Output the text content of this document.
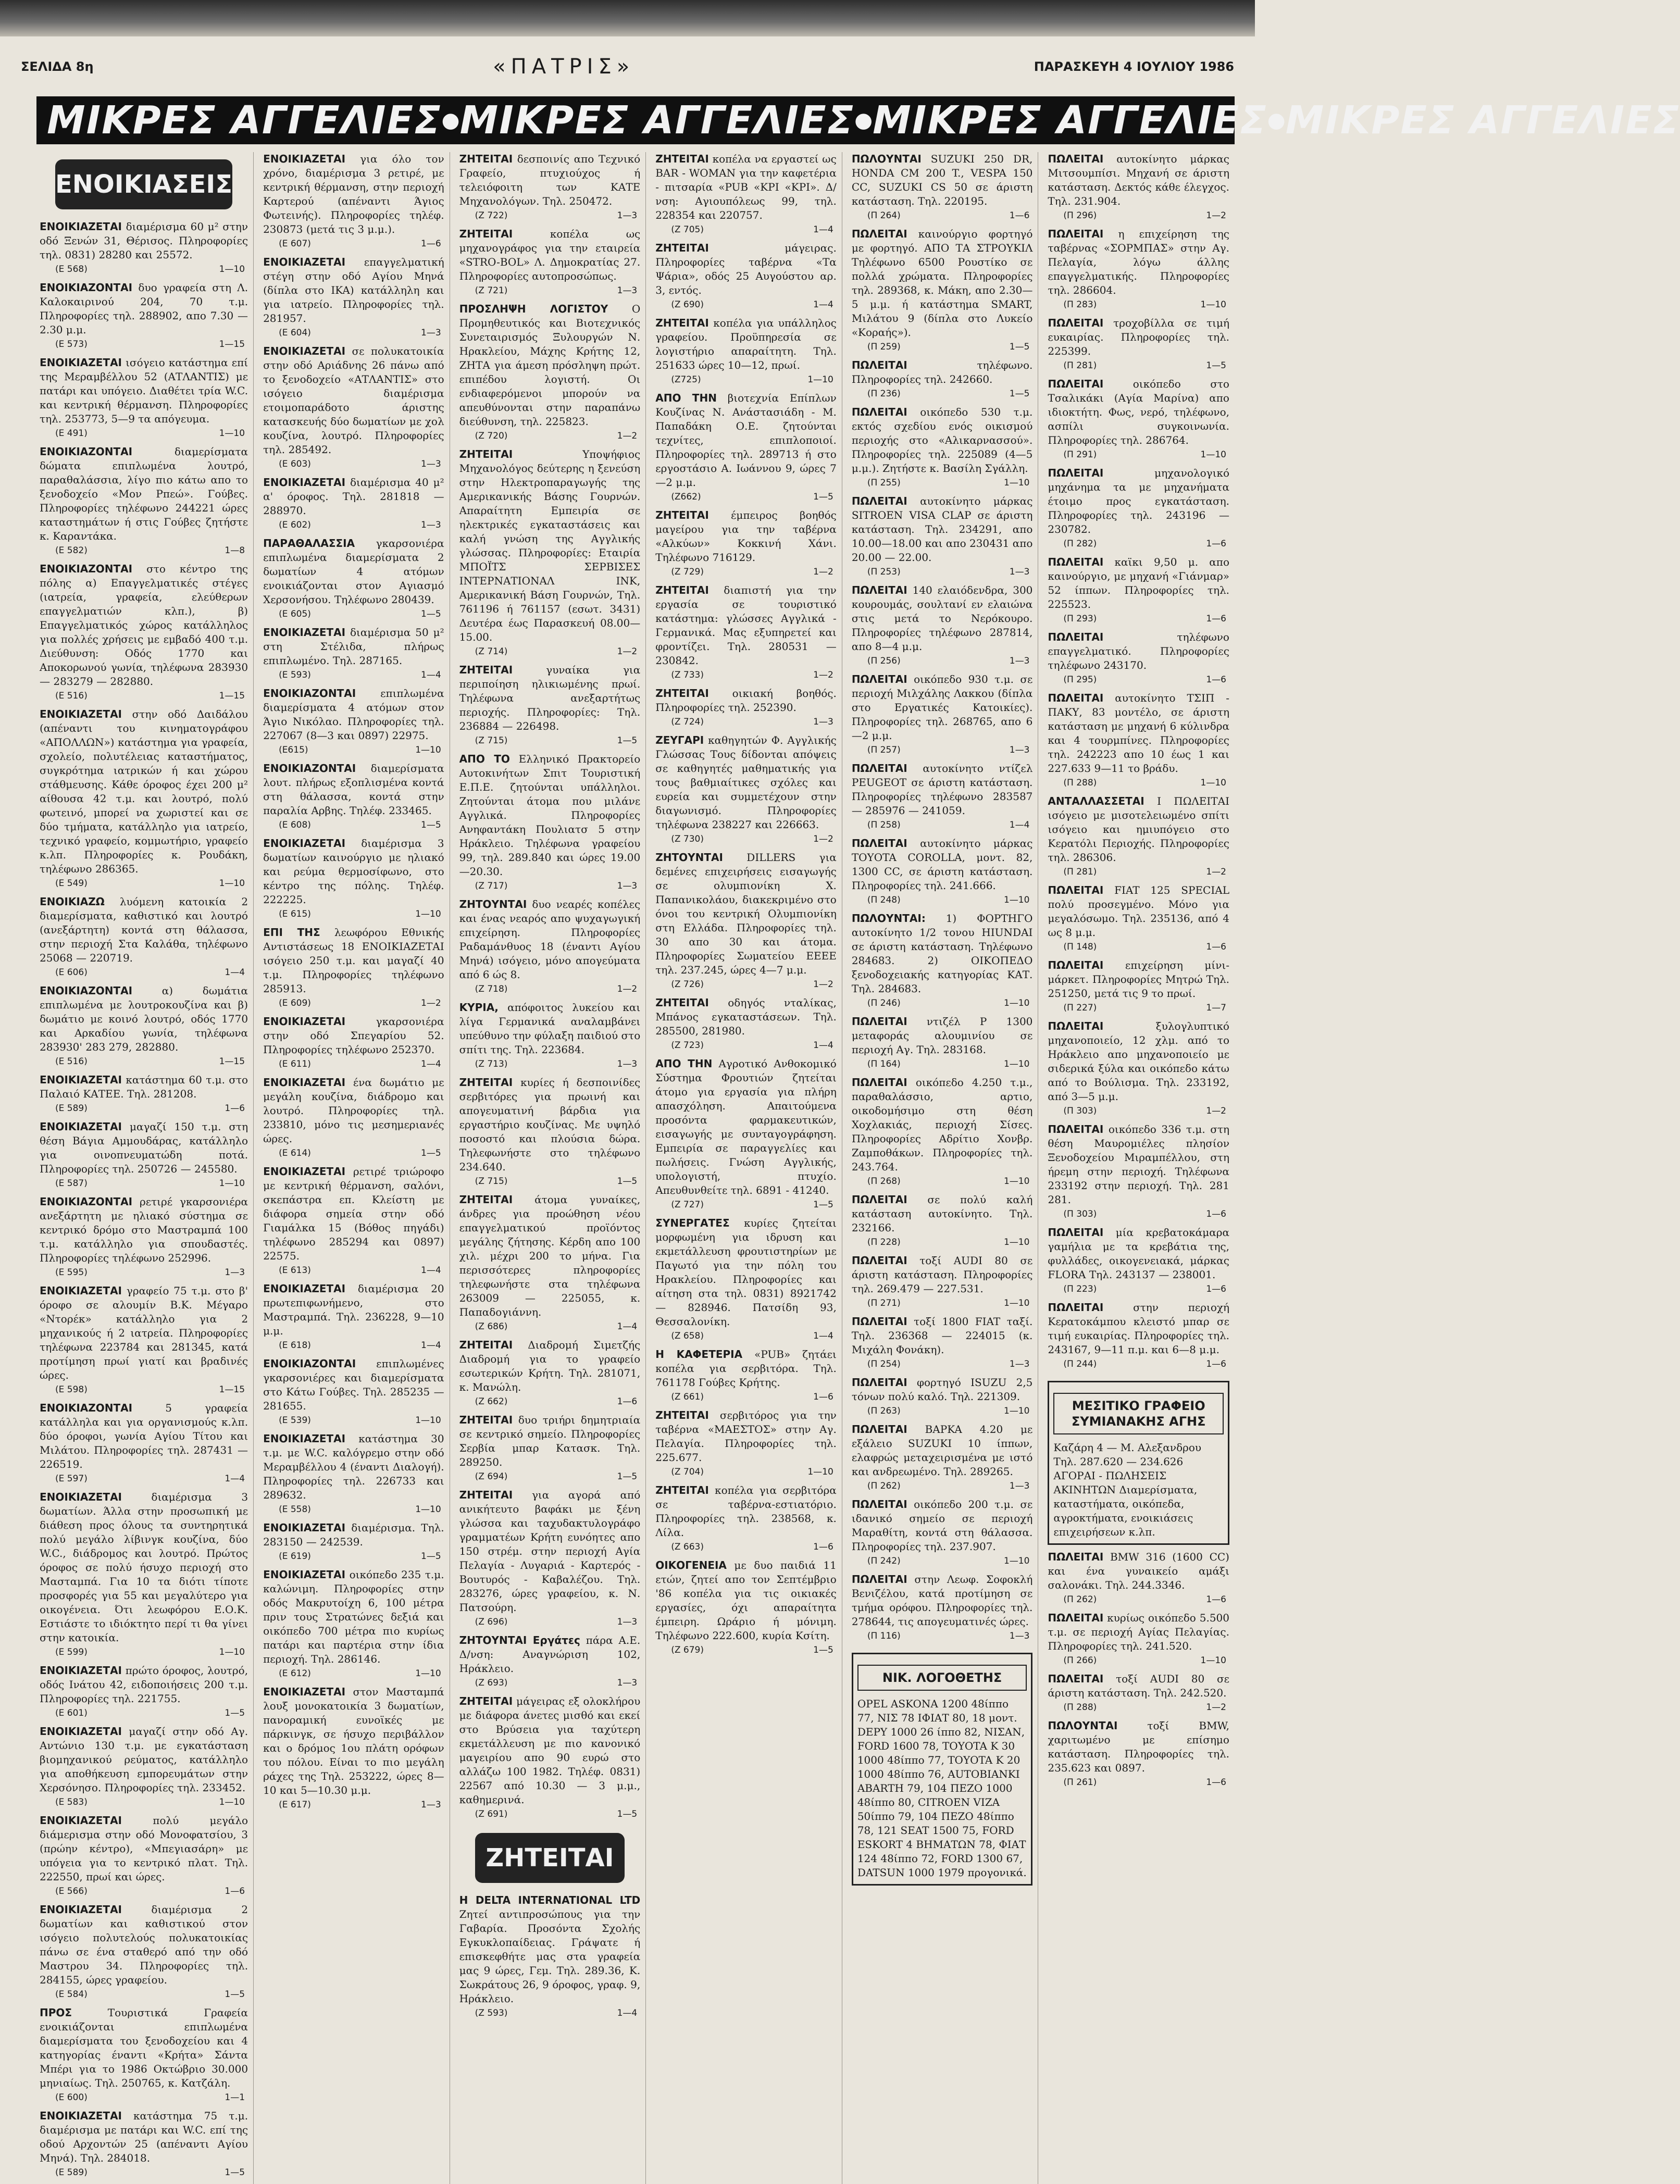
ΣΕΛΙΔΑ 8η	«ΠΑΤΡΙΣ»	ΠΑΡΑΣΚΕΥΗ 4 ΙΟΥΛΙΟΥ 1986
ΜΙΚΡΕΣ ΑΓΓΕΛΙΕΣ ● ΜΙΚΡΕΣ ΑΓΓΕΛΙΕΣ ● ΜΙΚΡΕΣ ΑΓΓΕΛΙΕΣ ● ΜΙΚΡΕΣ ΑΓΓΕΛΙΕΣ
ΕΝΟΙΚΙΑΣΕΙΣ

ΕΝΟΙΚΙΑΖΕΤΑΙ διαμέρισμα 60 μ² στην οδό Ξενών 31, Θέρισος. Πληροφορίες τηλ. 0831) 28280 και 25572.

(Ε 568)	1—10

ΕΝΟΙΚΙΑΖΟΝΤΑΙ δυο γραφεία στη Λ. Καλοκαιρινού 204, 70 τ.μ. Πληροφορίες τηλ. 288902, απο 7.30 — 2.30 μ.μ.

(Ε 573)	1—15

ΕΝΟΙΚΙΑΖΕΤΑΙ ισόγειο κατάστημα επί της Μεραμβέλλου 52 (ΑΤΛΑΝΤΙΣ) με πατάρι και υπόγειο. Διαθέτει τρία W.C. και κεντρική θέρμανση. Πληροφορίες τηλ. 253773, 5—9 τα απόγευμα.

(Ε 491)	1—10

ΕΝΟΙΚΙΑΖΟΝΤΑΙ	διαμερίσματα δώματα επιπλωμένα λουτρό, παραθαλάσσια, λίγο πιο κάτω απο το ξενοδοχείο «Μον Ρπεώ». Γούβες. Πληροφορίες τηλέφωνο 244221 ώρες καταστημάτων ή στις Γούβες ζητήστε κ. Καραντάκα.

(Ε 582)	1—8

ΕΝΟΙΚΙΑΖΟΝΤΑΙ στο κέντρο της πόλης α) Επαγγελματικές στέγες (ιατρεία, γραφεία, ελεύθερων επαγγελματιών κλπ.), β) Επαγγελματικός χώρος κατάλληλος για πολλές χρήσεις με εμβαδό 400 τ.μ. Διεύθυνση: Οδός 1770 και Αποκορωνού γωνία, τηλέφωνα 283930 — 283279 — 282880.

(Ε 516)	1—15

ΕΝΟΙΚΙΑΖΕΤΑΙ στην οδό Δαιδάλου (απέναντι του κινηματογράφου «ΑΠΟΛΛΩΝ») κατάστημα για γραφεία, σχολείο, πολυτέλειας καταστήματος, συγκρότημα ιατρικών ή και χώρου στάθμευσης. Κάθε όροφος έχει 200 μ² αίθουσα 42 τ.μ. και λουτρό, πολύ φωτεινό, μπορεί να χωριστεί και σε δύο τμήματα, κατάλληλο για ιατρείο, τεχνικό γραφείο, κομμωτήριο, γραφείο κ.λπ. Πληροφορίες κ. Ρουδάκη, τηλέφωνο 286365.

(Ε 549)	1—10

ΕΝΟΙΚΙΑΖΩ λυόμενη κατοικία 2 διαμερίσματα, καθιστικό και λουτρό (ανεξάρτητη) κοντά στη θάλασσα, στην περιοχή Στα Καλάθα, τηλέφωνο 25068 — 220719.

(Ε 606)	1—4

ΕΝΟΙΚΙΑΖΟΝΤΑΙ	α) δωμάτια επιπλωμένα με λουτροκουζίνα και β) δωμάτιο με κοινό λουτρό, οδός 1770 και Αρκαδίου γωνία, τηλέφωνα 283930' 283 279, 282880.

(Ε 516)	1—15

ΕΝΟΙΚΙΑΖΕΤΑΙ κατάστημα 60 τ.μ. στο Παλαιό ΚΑΤΕΕ. Τηλ. 281208.

(Ε 589)	1—6

ΕΝΟΙΚΙΑΖΕΤΑΙ μαγαζί 150 τ.μ. στη θέση Βάγια Αμμουδάρας, κατάλληλο για οινοπνευματώδη ποτά. Πληροφορίες τηλ. 250726 — 245580.

(Ε 587)	1—10

ΕΝΟΙΚΙΑΖΟΝΤΑΙ ρετιρέ γκαρσονιέρα ανεξάρτητη με ηλιακό σύστημα σε κεντρικό δρόμο στο Μαστραμπά 100 τ.μ. κατάλληλο για σπουδαστές. Πληροφορίες τηλέφωνο 252996.

(Ε 595)	1—3

ΕΝΟΙΚΙΑΖΕΤΑΙ γραφείο 75 τ.μ. στο β' όροφο σε αλουμίν Β.Κ. Μέγαρο «Ντορέκ» κατάλληλο για 2 μηχανικούς ή 2 ιατρεία. Πληροφορίες τηλέφωνα 223784 και 281345, κατά προτίμηση πρωί γιατί και βραδινές ώρες.

(Ε 598)	1—15

ΕΝΟΙΚΙΑΖΟΝΤΑΙ	5 γραφεία κατάλληλα και για οργανισμούς κ.λπ. δύο όροφοι, γωνία Αγίου Τίτου και Μιλάτου. Πληροφορίες τηλ. 287431 — 226519.

(Ε 597)	1—4

ΕΝΟΙΚΙΑΖΕΤΑΙ	διαμέρισμα 3 δωματίων. Άλλα στην προσωπική με διάθεση προς όλους τα συντηρητικά πολύ μεγάλο λίβινγκ κουζίνα, δύο W.C., διάδρομος και λουτρό. Πρώτος όροφος σε πολύ ήσυχο περιοχή στο Μασταμπά. Για 10 τα διότι τίποτε προσφορές για 55 και μεγαλύτερο για οικογένεια. Ότι λεωφόρου Ε.Ο.Κ. Εστιάστε το ιδιόκτητο περί τι θα γίνει στην κατοικία.

(Ε 599)	1—10

ΕΝΟΙΚΙΑΖΕΤΑΙ πρώτο όροφος, λουτρό, οδός Ινάτου 42, ειδοποιήσεις 200 τ.μ. Πληροφορίες τηλ. 221755.

(Ε 601)	1—5

ΕΝΟΙΚΙΑΖΕΤΑΙ μαγαζί στην οδό Αγ. Αντώνιο 130 τ.μ. με εγκατάσταση βιομηχανικού ρεύματος, κατάλληλο για αποθήκευση εμπορευμάτων στην Χερσόνησο. Πληροφορίες τηλ. 233452.

(Ε 583)	1—10

ΕΝΟΙΚΙΑΖΕΤΑΙ	πολύ μεγάλο διάμερισμα στην οδό Μονοφατσίου, 3 (πρώην κέντρο), «Μπεγιασάρη» με υπόγεια για το κεντρικό πλατ. Τηλ. 222550, πρωί και ώρες.

(Ε 566)	1—6

ΕΝΟΙΚΙΑΖΕΤΑΙ	διαμέρισμα 2 δωματίων και καθιστικού στον ισόγειο πολυτελούς πολυκατοικίας πάνω σε ένα σταθερό από την οδό Μαστρου 34. Πληροφορίες τηλ. 284155, ώρες γραφείου.

(Ε 584)	1—5

ΠΡΟΣ	Τουριστικά Γραφεία ενοικιάζονται επιπλωμένα διαμερίσματα του ξενοδοχείου και 4 κατηγορίας έναντι «Κρήτα» Σάντα Μπέρι για το 1986 Οκτώβριο 30.000 μηνιαίως. Τηλ. 250765, κ. Κατζάλη.

(Ε 600)	1—1

ΕΝΟΙΚΙΑΖΕΤΑΙ κατάστημα 75 τ.μ. διαμέρισμα με πατάρι και W.C. επί της οδού Αρχοντών 25 (απέναντι Αγίου Μηνά). Τηλ. 284018.

(Ε 589)	1—5

ΕΝΟΙΚΙΑΖΕΤΑΙ για όλο τον χρόνο, διαμέρισμα 3 ρετιρέ, με κεντρική θέρμανση, στην περιοχή Καρτερού (απέναντι Άγιος Φωτεινής). Πληροφορίες τηλέφ. 230873 (μετά τις 3 μ.μ.).

(Ε 607)	1—6

ΕΝΟΙΚΙΑΖΕΤΑΙ επαγγελματική στέγη στην οδό Αγίου Μηνά (δίπλα στο IKA) κατάλληλη και για ιατρείο. Πληροφορίες τηλ. 281957.

(Ε 604)	1—3

ΕΝΟΙΚΙΑΖΕΤΑΙ σε πολυκατοικία στην οδό Αριάδνης 26 πάνω από το ξενοδοχείο «ΑΤΛΑΝΤΙΣ» στο ισόγειο διαμέρισμα ετοιμοπαράδοτο άριστης κατασκευής δύο δωματίων με χολ κουζίνα, λουτρό. Πληροφορίες τηλ. 285492.

(Ε 603)	1—3

ΕΝΟΙΚΙΑΖΕΤΑΙ διαμέρισμα 40 μ² α' όροφος. Τηλ. 281818 — 288970.

(Ε 602)	1—3

ΠΑΡΑΘΑΛΑΣΣΙΑ γκαρσονιέρα επιπλωμένα διαμερίσματα 2 δωματίων 4 ατόμων ενοικιάζονται στον Αγιασμό Χερσονήσου. Τηλέφωνο 280439.

(Ε 605)	1—5

ΕΝΟΙΚΙΑΖΕΤΑΙ διαμέρισμα 50 μ² στη Στέλιδα, πλήρως επιπλωμένο. Τηλ. 287165.

(Ε 593)	1—4

ΕΝΟΙΚΙΑΖΟΝΤΑΙ επιπλωμένα διαμερίσματα 4 ατόμων στον Άγιο Νικόλαο. Πληροφορίες τηλ. 227067 (8—3 και 0897) 22975.

(Ε615)	1—10

ΕΝΟΙΚΙΑΖΟΝΤΑΙ διαμερίσματα λουτ. πλήρως εξοπλισμένα κοντά στη θάλασσα, κοντά στην παραλία Αρβης. Τηλέφ. 233465.

(Ε 608)	1—5

ΕΝΟΙΚΙΑΖΕΤΑΙ διαμέρισμα 3 δωματίων καινούργιο με ηλιακό και ρεύμα θερμοσίφωνο, στο κέντρο της πόλης. Τηλέφ. 222225.

(Ε 615)	1—10

ΕΠΙ ΤΗΣ λεωφόρου Εθνικής Αντιστάσεως 18 ΕΝΟΙΚΙΑΖΕΤΑΙ ισόγειο 250 τ.μ. και μαγαζί 40 τ.μ. Πληροφορίες τηλέφωνο 285913.

(Ε 609)	1—2

ΕΝΟΙΚΙΑΖΕΤΑΙ	γκαρσονιέρα στην οδό Σπεγαρίου 52. Πληροφορίες τηλέφωνο 252370.

(Ε 611)	1—4

ΕΝΟΙΚΙΑΖΕΤΑΙ ένα δωμάτιο με μεγάλη κουζίνα, διάδρομο και λουτρό. Πληροφορίες τηλ. 233810, μόνο τις μεσημεριανές ώρες.

(Ε 614)	1—5

ΕΝΟΙΚΙΑΖΕΤΑΙ ρετιρέ τριώροφο με κεντρική θέρμανση, σαλόνι, σκεπάστρα επ. Κλείστη με διάφορα σημεία στην οδό Γιαμάλκα 15 (Βόθος πηγάδι) τηλέφωνο 285294 και 0897) 22575.

(Ε 613)	1—4

ΕΝΟΙΚΙΑΖΕΤΑΙ διαμέρισμα 20 πρωτεπιφωνήμενο, στο Μαστραμπά. Τηλ. 236228, 9—10 μ.μ.

(Ε 618)	1—4

ΕΝΟΙΚΙΑΖΟΝΤΑΙ επιπλωμένες γκαρσονιέρες και διαμερίσματα στο Κάτω Γούβες. Τηλ. 285235 — 281655.

(Ε 539)	1—10

ΕΝΟΙΚΙΑΖΕΤΑΙ κατάστημα 30 τ.μ. με W.C. καλόγρεμο στην οδό Μεραμβέλλου 4 (έναντι Διαλογή). Πληροφορίες τηλ. 226733 και 289632.

(Ε 558)	1—10

ΕΝΟΙΚΙΑΖΕΤΑΙ διαμέρισμα. Τηλ. 283150 — 242539.

(Ε 619)	1—5

ΕΝΟΙΚΙΑΖΕΤΑΙ οικόπεδο 235 τ.μ. καλώνιμη. Πληροφορίες στην οδός Μακρυτοίχη 6, 100 μέτρα πριν τους Στρατώνες δεξιά και οικόπεδο 700 μέτρα πιο κυρίως πατάρι και παρτέρια στην ίδια περιοχή. Τηλ. 286146.

(Ε 612)	1—10

ΕΝΟΙΚΙΑΖΕΤΑΙ στον Μασταμπά λουξ μονοκατοικία 3 δωματίων, πανοραμική ευνοϊκές με πάρκινγκ, σε ήσυχο περιβάλλον και ο δρόμος 1ου πλάτη ορόφων του πόλου. Είναι το πιο μεγάλη ράχες της Τηλ. 253222, ώρες 8—10 και 5—10.30 μ.μ.

(Ε 617)	1—3

ΖΗΤΕΙΤΑΙ δεσποινίς απο Τεχνικό Γραφείο, πτυχιούχος ή τελειόφοιτη των ΚΑΤΕ Μηχανολόγων. Τηλ. 250472.

(Ζ 722)	1—3

ΖΗΤΕΙΤΑΙ	κοπέλα ως μηχανογράφος για την εταιρεία «STRO-BOL» Λ. Δημοκρατίας 27. Πληροφορίες αυτοπροσώπως.

(Ζ 721)	1—3

ΠΡΟΣΛΗΨΗ ΛΟΓΙΣΤΟΥ Ο Προμηθευτικός και Βιοτεχνικός Συνεταιρισμός Ξυλουργών Ν. Ηρακλείου, Μάχης Κρήτης 12, ΖΗΤΑ για άμεση πρόσληψη πρώτ. επιπέδου λογιστή. Οι ενδιαφερόμενοι μπορούν να απευθύνονται στην παραπάνω διεύθυνση, τηλ. 225823.

(Ζ 720)	1—2

ΖΗΤΕΙΤΑΙ	Υποψήφιος Μηχανολόγος δεύτερης η ξενεύση στην Ηλεκτροπαραγωγής της Αμερικανικής Βάσης Γουρνών. Απαραίτητη Εμπειρία σε ηλεκτρικές εγκαταστάσεις και καλή γνώση της Αγγλικής γλώσσας. Πληροφορίες: Εταιρία ΜΠΟΪΤΣ ΣΕΡΒΙΣΕΣ ΙΝΤΕΡΝΑΤΙΟΝΑΛ ΙΝΚ, Αμερικανική Βάση Γουρνών, Τηλ. 761196 ή 761157 (εσωτ. 3431) Δευτέρα έως Παρασκευή 08.00—15.00.

(Ζ 714)	1—2

ΖΗΤΕΙΤΑΙ	γυναίκα για περιποίηση ηλικιωμένης πρωί. Τηλέφωνα ανεξαρτήτως περιοχής. Πληροφορίες: Τηλ. 236884 — 226498.

(Ζ 715)	1—5

ΑΠΟ ΤΟ Ελληνικό Πρακτορείο Αυτοκινήτων Σπιτ Τουριστική Ε.Π.Ε. ζητούνται υπάλληλοι. Ζητούνται άτομα που μιλάνε Αγγλικά. Πληροφορίες Ανηφαντάκη Πουλιατσ 5 στην Ηράκλειο. Τηλέφωνα γραφείου 99, τηλ. 289.840 και ώρες 19.00—20.30.

(Ζ 717)	1—3

ΖΗΤΟΥΝΤΑΙ δυο νεαρές κοπέλες και ένας νεαρός απο ψυχαγωγική επιχείρηση. Πληροφορίες Ραδαμάνθυος 18 (έναντι Αγίου Μηνά) ισόγειο, μόνο απογεύματα από 6 ώς 8.

(Ζ 718)	1—2

ΚΥΡΙΑ, απόφοιτος λυκείου και λίγα Γερμανικά αναλαμβάνει υπεύθυνο την φύλαξη παιδιού στο σπίτι της. Τηλ. 223684.

(Ζ 713)	1—3

ΖΗΤΕΙΤΑΙ κυρίες ή δεσποινίδες σερβιτόρες για πρωινή και απογευματινή βάρδια για εργαστήριο κουζίνας. Με υψηλό ποσοστό και πλούσια δώρα. Τηλεφωνήστε στο τηλέφωνο 234.640.

(Ζ 715)	1—5

ΖΗΤΕΙΤΑΙ άτομα γυναίκες, άνδρες για προώθηση νέου επαγγελματικού προϊόντος μεγάλης ζήτησης. Κέρδη απο 100 χιλ. μέχρι 200 το μήνα. Για περισσότερες πληροφορίες τηλεφωνήστε στα τηλέφωνα 263009 — 225055, κ. Παπαδογιάννη.

(Ζ 686)	1—4

ΖΗΤΕΙΤΑΙ Διαδρομή Σιμετζής Διαδρομή για το γραφείο εσωτερικών Κρήτη. Τηλ. 281071, κ. Μανώλη.

(Ζ 662)	1—6

ΖΗΤΕΙΤΑΙ δυο τριήρι δημητριαία σε κεντρικό σημείο. Πληροφορίες Σερβία μπαρ Κατασκ. Τηλ. 289250.

(Ζ 694)	1—5

ΖΗΤΕΙΤΑΙ για αγορά από ανικήτευτο βαφάκι με ξένη γλώσσα και ταχυδακτυλογράφο γραμματέων Κρήτη ευνόητες απο 150 στρέμ. στην περιοχή Αγία Πελαγία - Λυγαριά - Καρτερός - Βουτυρός - Καβαλέζου. Τηλ. 283276, ώρες γραφείου, κ. Ν. Πατσούρη.

(Ζ 696)	1—3

ΖΗΤΟΥΝΤΑΙ Εργάτες πάρα Α.Ε. Δ/νση: Αναγνώριση 102, Ηράκλειο.

(Ζ 693)	1—3

ΖΗΤΕΙΤΑΙ μάγειρας εξ ολοκλήρου με διάφορα άνετες μισθό και εκεί στο Βρύσεια για ταχύτερη εκμετάλλευση με πιο κανονικό μαγειρίου απο 90 ευρώ στο αλλάζω 100 1982. Τηλέφ. 0831) 22567 από 10.30 — 3 μ.μ., καθημερινά.

(Ζ 691)	1—5
ΖΗΤΕΙΤΑΙ

H DELTA INTERNATIONAL LTD Ζητεί αντιπροσώπους για την Γαβαρία. Προσόντα Σχολής Εγκυκλοπαίδειας. Γράψατε ή επισκεφθήτε μας στα γραφεία μας 9 ώρες, Γεμ. Τηλ. 289.36, Κ. Σωκράτους 26, 9 όροφος, γραφ. 9, Ηράκλειο.

(Ζ 593)	1—4

ΖΗΤΕΙΤΑΙ κοπέλα να εργαστεί ως BAR - WOMAN για την καφετέρια - πιτσαρία «PUB «KPI «KPI». Δ/νση: Αγιουπόλεως 99, τηλ. 228354 και 220757.

(Ζ 705)	1—4

ΖΗΤΕΙΤΑΙ	μάγειρας. Πληροφορίες ταβέρνα «Τα Ψάρια», οδός 25 Αυγούστου αρ. 3, εντός.

(Ζ 690)	1—4

ΖΗΤΕΙΤΑΙ κοπέλα για υπάλληλος γραφείου. Προϋπηρεσία σε λογιστήριο απαραίτητη. Τηλ. 251633 ώρες 10—12, πρωί.

(Ζ725)	1—10

ΑΠΟ ΤΗΝ βιοτεχνία Επίπλων Κουζίνας Ν. Ανάστασιάδη - Μ. Παπαδάκη Ο.Ε. ζητούνται τεχνίτες, επιπλοποιοί. Πληροφορίες τηλ. 289713 ή στο εργοστάσιο Α. Ιωάννου 9, ώρες 7—2 μ.μ.

(Ζ662)	1—5

ΖΗΤΕΙΤΑΙ έμπειρος βοηθός μαγείρου για την ταβέρνα «Αλκύων» Κοκκινή Χάνι. Τηλέφωνο 716129.

(Ζ 729)	1—2

ΖΗΤΕΙΤΑΙ διαπιστή για την εργασία σε τουριστικό κατάστημα: γλώσσες Αγγλικά - Γερμανικά. Μας εξυπηρετεί και φροντίζει. Τηλ. 280531 — 230842.

(Ζ 733)	1—2

ΖΗΤΕΙΤΑΙ οικιακή βοηθός. Πληροφορίες τηλ. 252390.

(Ζ 724)	1—3

ΖΕΥΓΑΡΙ καθηγητών Φ. Αγγλικής Γλώσσας Τους δίδονται απόψεις σε καθηγητές μαθηματικής για τους βαθμιαίτικες σχόλες και ευρεία και συμμετέχουν στην διαγωνισμό. Πληροφορίες τηλέφωνα 238227 και 226663.

(Ζ 730)	1—2

ΖΗΤΟΥΝΤΑΙ DILLERS για δεμένες επιχειρήσεις εισαγωγής σε ολυμπιονίκη Χ. Παπανικολάου, διακεκριμένο στο όνοι του κεντρική Ολυμπιονίκη στη Ελλάδα. Πληροφορίες τηλ. 30 απο 30 και άτομα. Πληροφορίες Σωματείου ΕΕΕΕ τηλ. 237.245, ώρες 4—7 μ.μ.

(Ζ 726)	1—2

ΖΗΤΕΙΤΑΙ οδηγός νταλίκας, Μπάνος εγκαταστάσεων. Τηλ. 285500, 281980.

(Ζ 723)	1—4

ΑΠΟ ΤΗΝ Αγροτικό Ανθοκομικό Σύστημα Φρουτιών ζητείται άτομο για εργασία για πλήρη απασχόληση. Απαιτούμενα προσόντα φαρμακευτικών, εισαγωγής με συνταγογράφηση. Εμπειρία σε παραγγελίες και πωλήσεις. Γνώση Αγγλικής, υπολογιστή, πτυχίο. Απευθυνθείτε τηλ. 6891 - 41240.

(Ζ 727)	1—5

ΣΥΝΕΡΓΑΤΕΣ κυρίες ζητείται μορφωμένη για ιδρυση και εκμετάλλευση φρουτιστηρίων με Παγωτό για την πόλη του Ηρακλείου. Πληροφορίες και αίτηση στα τηλ. 0831) 8921742 — 828946. Πατσίδη 93, Θεσσαλονίκη.

(Ζ 658)	1—4

Η ΚΑΦΕΤΕΡΙΑ «PUB» ζητάει κοπέλα για σερβιτόρα. Τηλ. 761178 Γούβες Κρήτης.

(Ζ 661)	1—6

ΖΗΤΕΙΤΑΙ σερβιτόρος για την ταβέρνα «ΜΑΕΣΤΟΣ» στην Αγ. Πελαγία. Πληροφορίες τηλ. 225.677.

(Ζ 704)	1—10

ΖΗΤΕΙΤΑΙ κοπέλα για σερβιτόρα σε ταβέρνα-εστιατόριο. Πληροφορίες τηλ. 238568, κ. Λίλα.

(Ζ 663)	1—6

ΟΙΚΟΓΕΝΕΙΑ με δυο παιδιά 11 ετών, ζητεί απο τον Σεπτέμβριο '86 κοπέλα για τις οικιακές εργασίες, όχι απαραίτητα έμπειρη. Ωράριο ή μόνιμη. Τηλέφωνο 222.600, κυρία Κσίτη.

(Ζ 679)	1—5

ΠΩΛΟΥΝΤΑΙ SUZUKI 250 DR, HONDA CM 200 T., VESPA 150 CC, SUZUKI CS 50 σε άριστη κατάσταση. Τηλ. 220195.

(Π 264)	1—6

ΠΩΛΕΙΤΑΙ καινούργιο φορτηγό με φορτηγό. ΑΠΟ ΤΑ ΣΤΡΟΥΚΙΛ Τηλέφωνο 6500 Ρουστίκο σε πολλά χρώματα. Πληροφορίες τηλ. 289368, κ. Μάκη, απο 2.30—5 μ.μ. ή κατάστημα SMART, Μιλάτου 9 (δίπλα στο Λυκείο «Κοραής»).

(Π 259)	1—5

ΠΩΛΕΙΤΑΙ	τηλέφωνο. Πληροφορίες τηλ. 242660.

(Π 236)	1—5

ΠΩΛΕΙΤΑΙ οικόπεδο 530 τ.μ. εκτός σχεδίου ενός οικισμού περιοχής στο «Αλικαρνασσού». Πληροφορίες τηλ. 225089 (4—5 μ.μ.). Ζητήστε κ. Βασίλη Σγάλλη.

(Π 255)	1—10

ΠΩΛΕΙΤΑΙ αυτοκίνητο μάρκας SITROEN VISA CLAP σε άριστη κατάσταση. Τηλ. 234291, απο 10.00—18.00 και απο 230431 απο 20.00 — 22.00.

(Π 253)	1—3

ΠΩΛΕΙΤΑΙ 140 ελαιόδενδρα, 300 κουρουμάς, σουλτανί εν ελαιώνα στις μετά το Νερόκουρο. Πληροφορίες τηλέφωνο 287814, απο 8—4 μ.μ.

(Π 256)	1—3

ΠΩΛΕΙΤΑΙ οικόπεδο 930 τ.μ. σε περιοχή Μιλχάλης Λακκου (δίπλα στο Εργατικές Κατοικίες). Πληροφορίες τηλ. 268765, απο 6—2 μ.μ.

(Π 257)	1—3

ΠΩΛΕΙΤΑΙ αυτοκίνητο ντίζελ PEUGEOT σε άριστη κατάσταση. Πληροφορίες τηλέφωνο 283587 — 285976 — 241059.

(Π 258)	1—4

ΠΩΛΕΙΤΑΙ αυτοκίνητο μάρκας TOYOTA COROLLA, μοντ. 82, 1300 CC, σε άριστη κατάσταση. Πληροφορίες τηλ. 241.666.

(Π 248)	1—10

ΠΩΛΟΥΝΤΑΙ: 1) ΦΟΡΤΗΓΟ αυτοκίνητο 1/2 τονου HIUNDAI σε άριστη κατάσταση. Τηλέφωνο 284683. 2) ΟΙΚΟΠΕΔΟ ξενοδοχειακής κατηγορίας ΚΑΤ. Τηλ. 284683.

(Π 246)	1—10

ΠΩΛΕΙΤΑΙ ντιζέλ Ρ 1300 μεταφοράς αλουμινίου σε περιοχή Αγ. Τηλ. 283168.

(Π 164)	1—10

ΠΩΛΕΙΤΑΙ οικόπεδο 4.250 τ.μ., παραθαλάσσιο, αρτιο, οικοδομήσιμο στη θέση Χοχλακιάς, περιοχή Σίσες. Πληροφορίες Αδρίτιο Χονβρ. Ζαμποθάκων. Πληροφορίες τηλ. 243.764.

(Π 268)	1—10

ΠΩΛΕΙΤΑΙ σε πολύ καλή κατάσταση αυτοκίνητο. Τηλ. 232166.

(Π 228)	1—10

ΠΩΛΕΙΤΑΙ τοξί AUDI 80 σε άριστη κατάσταση. Πληροφορίες τηλ. 269.479 — 227.531.

(Π 271)	1—10

ΠΩΛΕΙΤΑΙ τοξί 1800 FIAT ταξί. Τηλ. 236368 — 224015 (κ. Μιχάλη Φονάκη).

(Π 254)	1—3

ΠΩΛΕΙΤΑΙ φορτηγό ISUZU 2,5 τόνων πολύ καλό. Τηλ. 221309.

(Π 263)	1—10

ΠΩΛΕΙΤΑΙ BAPKA 4.20 με εξάλειο SUZUKI 10 ίππων, ελαφρώς μεταχειρισμένα με ιστό και ανδρεωμένο. Τηλ. 289265.

(Π 262)	1—3

ΠΩΛΕΙΤΑΙ οικόπεδο 200 τ.μ. σε ιδανικό σημείο σε περιοχή Μαραθίτη, κοντά στη θάλασσα. Πληροφορίες τηλ. 237.907.

(Π 242)	1—10

ΠΩΛΕΙΤΑΙ στην Λεωφ. Σοφοκλή Βενιζέλου, κατά προτίμηση σε τμήμα ορόφου. Πληροφορίες τηλ. 278644, τις απογευματινές ώρες.

(Π 116)	1—3
ΝΙΚ. ΛΟΓΟΘΕΤΗΣ
OPEL ASKONA 1200 48ίππο 77, ΝΙΣ 78 ΙΦΙΑΤ 80, 18 μοντ. DEPY 1000 26 ίππο 82, ΝΙΣΑΝ, FORD 1600 78, TOYOTA K 30 1000 48ίππο 77, TOYOTA K 20 1000 48ίππο 76, AUTOBIANKI ABARTH 79, 104 ΠΕΖΟ 1000 48ίππο 80, CITROEN VIZA 50ίππο 79, 104 ΠΕΖΟ 48ίππο 78, 121 SEAT 1500 75, FORD ESKORT 4 ΒΗΜΑΤΩΝ 78, ΦΙΑΤ 124 48ίππο 72, FORD 1300 67, DATSUN 1000 1979 προγονικά.

ΠΩΛΕΙΤΑΙ αυτοκίνητο μάρκας Μιτσουμπίσι. Μηχανή σε άριστη κατάσταση. Δεκτός κάθε έλεγχος. Τηλ. 231.904.

(Π 296)	1—2

ΠΩΛΕΙΤΑΙ η επιχείρηση της ταβέρνας «ΣΟΡΜΠΑΣ» στην Αγ. Πελαγία, λόγω άλλης επαγγελματικής. Πληροφορίες τηλ. 286604.

(Π 283)	1—10

ΠΩΛΕΙΤΑΙ τροχοβίλλα σε τιμή ευκαιρίας. Πληροφορίες τηλ. 225399.

(Π 281)	1—5

ΠΩΛΕΙΤΑΙ	οικόπεδο στο Τσαλικάκι (Αγία Μαρίνα) απο ιδιοκτήτη. Φως, νερό, τηλέφωνο, ασπίλι συγκοινωνία. Πληροφορίες τηλ. 286764.

(Π 291)	1—10

ΠΩΛΕΙΤΑΙ	μηχανολογικό μηχάνημα τα με μηχανήματα έτοιμο προς εγκατάσταση. Πληροφορίες τηλ. 243196 — 230782.

(Π 282)	1—6

ΠΩΛΕΙΤΑΙ καϊκι 9,50 μ. απο καινούργιο, με μηχανή «Γιάνμαρ» 52 ίππων. Πληροφορίες τηλ. 225523.

(Π 293)	1—6

ΠΩΛΕΙΤΑΙ	τηλέφωνο επαγγελματικό. Πληροφορίες τηλέφωνο 243170.

(Π 295)	1—6

ΠΩΛΕΙΤΑΙ αυτοκίνητο ΤΣΙΠ - ΠΑΚΥ, 83 μοντέλο, σε άριστη κατάσταση με μηχανή 6 κύλινδρα και 4 τουρμπίνες. Πληροφορίες τηλ. 242223 απο 10 έως 1 και 227.633 9—11 το βράδυ.

(Π 288)	1—10

ΑΝΤΑΛΛΑΣΣΕΤΑΙ Ι ΠΩΛΕΙΤΑΙ ισόγειο με μισοτελειωμένο σπίτι ισόγειο και ημιυπόγειο στο Κερατόλι Περιοχής. Πληροφορίες τηλ. 286306.

(Π 281)	1—2

ΠΩΛΕΙΤΑΙ FIAT 125 SPECIAL πολύ προσεγμένο. Μόνο για μεγαλόσωμο. Τηλ. 235136, από 4 ως 8 μ.μ.

(Π 148)	1—6

ΠΩΛΕΙΤΑΙ επιχείρηση μίνι-μάρκετ. Πληροφορίες Μητρώ Τηλ. 251250, μετά τις 9 το πρωί.

(Π 227)	1—7

ΠΩΛΕΙΤΑΙ	ξυλογλυπτικό μηχανοποιείο, 12 χλμ. από το Ηράκλειο απο μηχανοποιείο με σιδερικά ξύλα και οικόπεδο κάτω από το Βούλισμα. Τηλ. 233192, από 3—5 μ.μ.

(Π 303)	1—2

ΠΩΛΕΙΤΑΙ οικόπεδο 336 τ.μ. στη θέση Μαυρομιέλες πλησίον Ξενοδοχείου Μιραμπέλλου, στη ήρεμη στην περιοχή. Τηλέφωνα 233192 στην περιοχή. Τηλ. 281 281.

(Π 303)	1—6

ΠΩΛΕΙΤΑΙ μία κρεβατοκάμαρα γαμήλια με τα κρεβάτια της, φυλλάδες, οικογενειακά, μάρκας FLORA Τηλ. 243137 — 238001.

(Π 223)	1—6

ΠΩΛΕΙΤΑΙ	στην περιοχή Κερατοκάμπου κλειστό μπαρ σε τιμή ευκαιρίας. Πληροφορίες τηλ. 243167, 9—11 π.μ. και 6—8 μ.μ.

(Π 244)	1—6
ΜΕΣΙΤΙΚΟ ΓΡΑΦΕΙΟ ΣΥΜΙΑΝΑΚΗΣ ΑΓΗΣ
Καζάρη 4 — Μ. Αλεξανδρου Τηλ. 287.620 — 234.626 ΑΓΟΡΑΙ - ΠΩΛΗΣΕΙΣ ΑΚΙΝΗΤΩΝ Διαμερίσματα, καταστήματα, οικόπεδα, αγροκτήματα, ενοικιάσεις επιχειρήσεων κ.λπ.

ΠΩΛΕΙΤΑΙ BMW 316 (1600 CC) και ένα γυναικείο αμάξι σαλονάκι. Τηλ. 244.3346.

(Π 262)	1—6

ΠΩΛΕΙΤΑΙ κυρίως οικόπεδο 5.500 τ.μ. σε περιοχή Αγίας Πελαγίας. Πληροφορίες τηλ. 241.520.

(Π 266)	1—10

ΠΩΛΕΙΤΑΙ τοξί AUDI 80 σε άριστη κατάσταση. Τηλ. 242.520.

(Π 288)	1—2

ΠΩΛΟΥΝΤΑΙ	τοξί BMW, χαριτωμένο με επίσημο κατάσταση. Πληροφορίες τηλ. 235.623 και 0897.

(Π 261)	1—6
